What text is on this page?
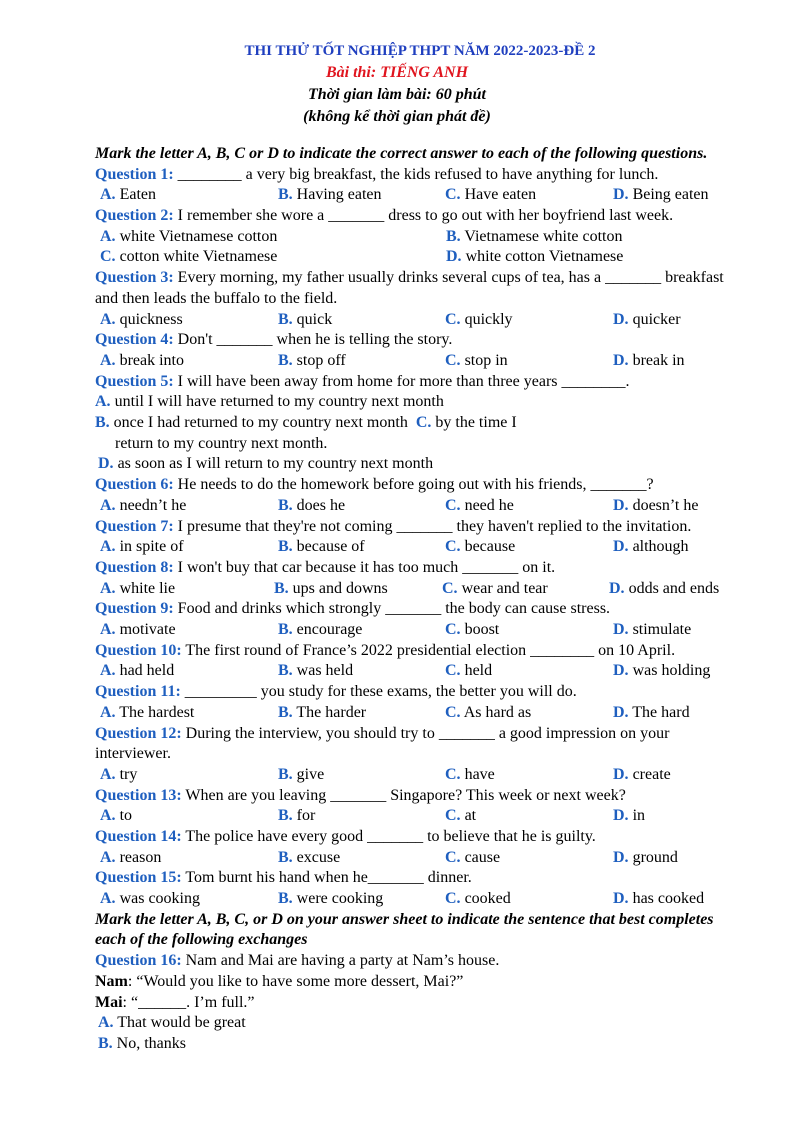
THI THỬ TỐT NGHIỆP THPT NĂM 2022-2023-ĐỀ 2
Bài thi: TIẾNG ANH
Thời gian làm bài: 60 phút
(không kể thời gian phát đề)
Mark the letter A, B, C or D to indicate the correct answer to each of the following questions.
Question 1: ________ a very big breakfast, the kids refused to have anything for lunch.
A. Eaten	B. Having eaten	C. Have eaten	D. Being eaten
Question 2: I remember she wore a _______ dress to go out with her boyfriend last week.
A. white Vietnamese cotton	B. Vietnamese white cotton
C. cotton white Vietnamese	D. white cotton Vietnamese
Question 3: Every morning, my father usually drinks several cups of tea, has a _______ breakfast and then leads the buffalo to the field.
A. quickness	B. quick	C. quickly	D. quicker
Question 4: Don't _______ when he is telling the story.
A. break into	B. stop off	C. stop in	D. break in
Question 5: I will have been away from home for more than three years ________.
A. until I will have returned to my country next month
B. once I had returned to my country next month C. by the time I
return to my country next month.
D. as soon as I will return to my country next month
Question 6: He needs to do the homework before going out with his friends, _______?
A. needn’t he	B. does he	C. need he	D. doesn’t he
Question 7: I presume that they're not coming _______ they haven't replied to the invitation.
A. in spite of	B. because of	C. because	D. although
Question 8: I won't buy that car because it has too much _______ on it.
A. white lie	B. ups and downs	C. wear and tear	D. odds and ends
Question 9: Food and drinks which strongly _______ the body can cause stress.
A. motivate	B. encourage	C. boost	D. stimulate
Question 10: The first round of France’s 2022 presidential election ________ on 10 April.
A. had held	B. was held	C. held	D. was holding
Question 11: _________ you study for these exams, the better you will do.
A. The hardest	B. The harder	C. As hard as	D. The hard
Question 12: During the interview, you should try to _______ a good impression on your interviewer.
A. try	B. give	C. have	D. create
Question 13: When are you leaving _______ Singapore? This week or next week?
A. to	B. for	C. at	D. in
Question 14: The police have every good _______ to believe that he is guilty.
A. reason	B. excuse	C. cause	D. ground
Question 15: Tom burnt his hand when he_______ dinner.
A. was cooking	B. were cooking	C. cooked	D. has cooked
Mark the letter A, B, C, or D on your answer sheet to indicate the sentence that best completes each of the following exchanges
Question 16: Nam and Mai are having a party at Nam’s house.
Nam: “Would you like to have some more dessert, Mai?”
Mai: “______. I’m full.”
A. That would be great
B. No, thanks
